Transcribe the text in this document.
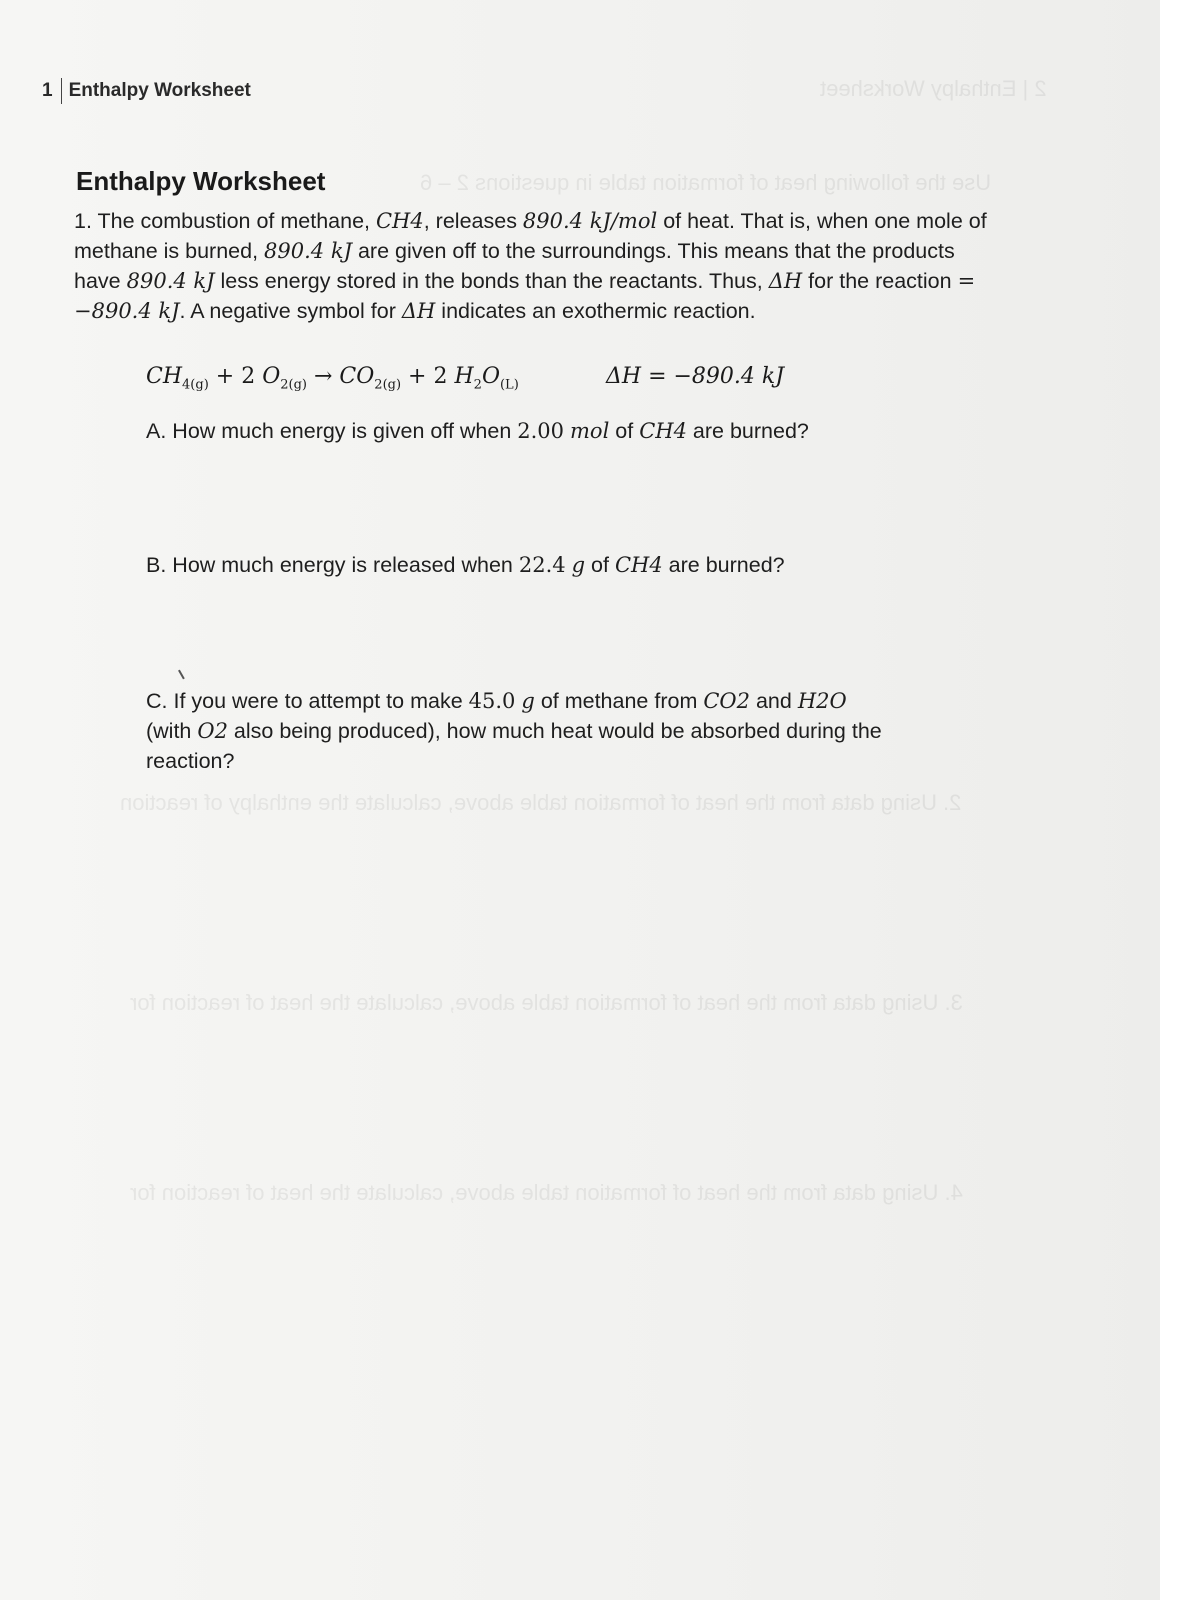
2 | Enthalpy Worksheet
Use the following heat of formation table in questions 2 – 6
2. Using data from the heat of formation table above, calculate the enthalpy of reaction
3. Using data from the heat of formation table above, calculate the heat of reaction for
4. Using data from the heat of formation table above, calculate the heat of reaction for
1 Enthalpy Worksheet
Enthalpy Worksheet
1. The combustion of methane, CH4, releases 890.4 kJ/mol of heat. That is, when one mole of methane is burned, 890.4 kJ are given off to the surroundings. This means that the products have 890.4 kJ less energy stored in the bonds than the reactants. Thus, ΔH for the reaction = −890.4 kJ. A negative symbol for ΔH indicates an exothermic reaction.
$CH_{4(g)} + 2$ $O_{2(g)} \to CO_{2(g)} + 2$ $H_2O_{(L)}$	ΔH = −890.4 kJ
A. How much energy is given off when 2.00 mol of CH4 are burned?
B. How much energy is released when 22.4 g of CH4 are burned?
C. If you were to attempt to make 45.0 g of methane from CO2 and H2O
(with O2 also being produced), how much heat would be absorbed during the reaction?
